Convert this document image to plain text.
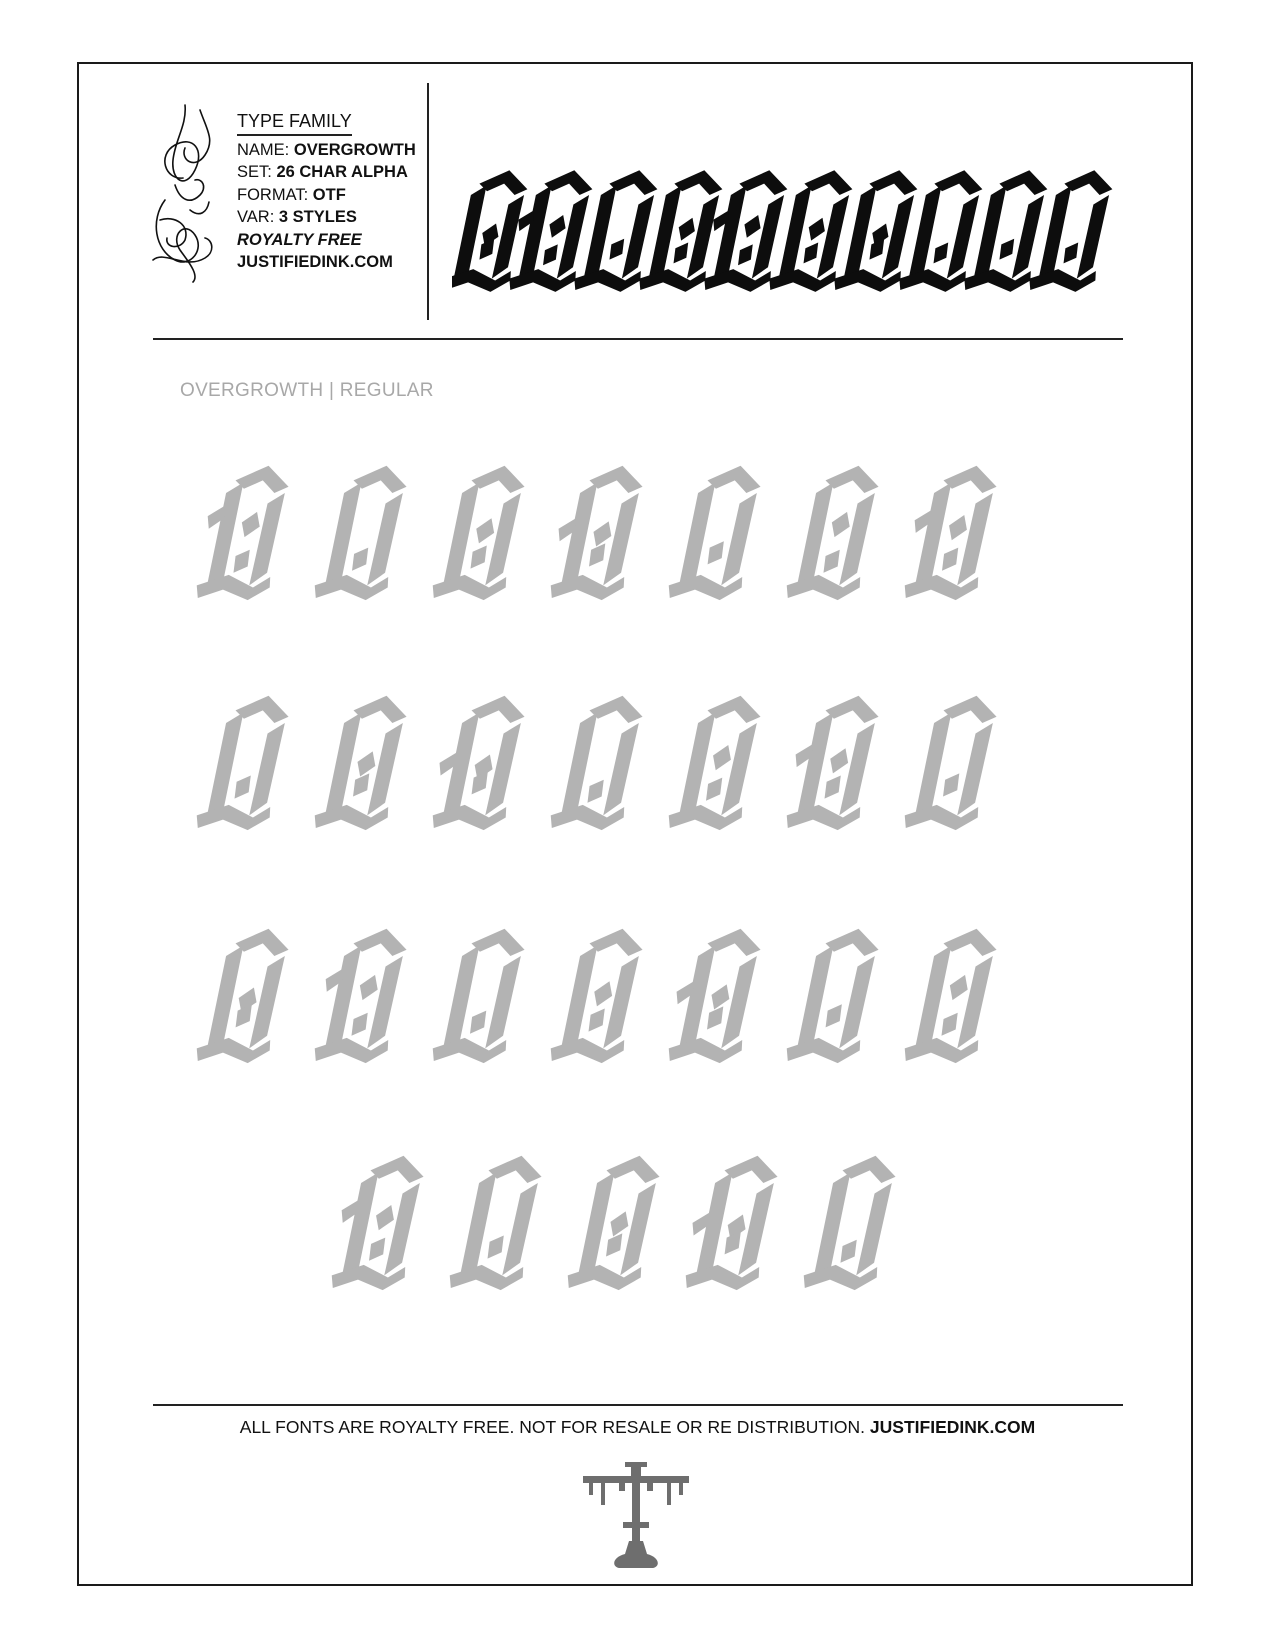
TYPE FAMILY
NAME: OVERGROWTH
SET: 26 CHAR ALPHA
FORMAT: OTF
VAR: 3 STYLES
ROYALTY FREE
JUSTIFIEDINK.COM
OVERGROWTH | REGULAR
ALL FONTS ARE ROYALTY FREE. NOT FOR RESALE OR RE DISTRIBUTION. JUSTIFIEDINK.COM
